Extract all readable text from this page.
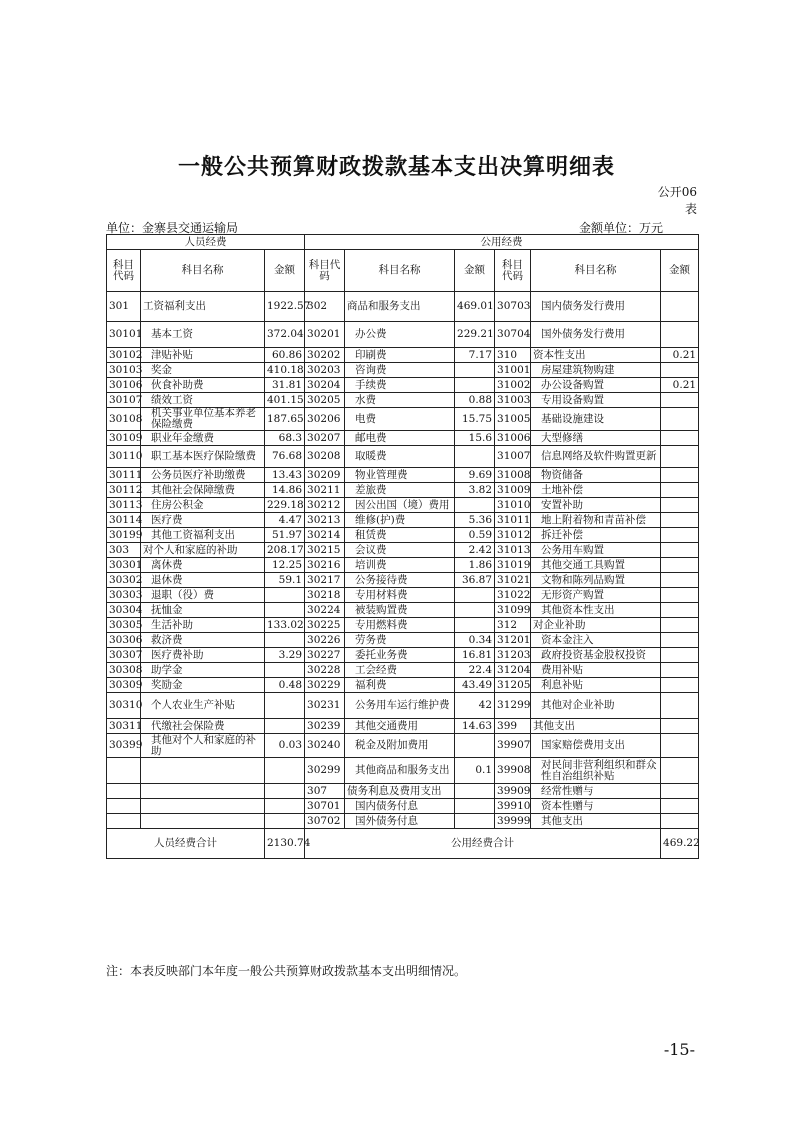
一般公共预算财政拨款基本支出决算明细表
公开06
表
单位：金寨县交通运输局	金额单位：万元
人员经费			公用经费					
科目代码	科目名称	金额	科目代码	科目名称	金额	科目代码	科目名称	金额
301	工资福利支出	1922.57	302	商品和服务支出	469.01	30703	国内债务发行费用	
30101	基本工资	372.04	30201	办公费	229.21	30704	国外债务发行费用	
30102	津贴补贴	60.86	30202	印刷费	7.17	310	资本性支出	0.21
30103	奖金	410.18	30203	咨询费		31001	房屋建筑物购建	
30106	伙食补助费	31.81	30204	手续费		31002	办公设备购置	0.21
30107	绩效工资	401.15	30205	水费	0.88	31003	专用设备购置	
30108	机关事业单位基本养老保险缴费	187.65	30206	电费	15.75	31005	基础设施建设	
30109	职业年金缴费	68.3	30207	邮电费	15.6	31006	大型修缮	
30110	职工基本医疗保险缴费	76.68	30208	取暖费		31007	信息网络及软件购置更新	
30111	公务员医疗补助缴费	13.43	30209	物业管理费	9.69	31008	物资储备	
30112	其他社会保障缴费	14.86	30211	差旅费	3.82	31009	土地补偿	
30113	住房公积金	229.18	30212	因公出国（境）费用		31010	安置补助	
30114	医疗费	4.47	30213	维修(护)费	5.36	31011	地上附着物和青苗补偿	
30199	其他工资福利支出	51.97	30214	租赁费	0.59	31012	拆迁补偿	
303	对个人和家庭的补助	208.17	30215	会议费	2.42	31013	公务用车购置	
30301	离休费	12.25	30216	培训费	1.86	31019	其他交通工具购置	
30302	退休费	59.1	30217	公务接待费	36.87	31021	文物和陈列品购置	
30303	退职（役）费		30218	专用材料费		31022	无形资产购置	
30304	抚恤金		30224	被装购置费		31099	其他资本性支出	
30305	生活补助	133.02	30225	专用燃料费		312	对企业补助	
30306	救济费		30226	劳务费	0.34	31201	资本金注入	
30307	医疗费补助	3.29	30227	委托业务费	16.81	31203	政府投资基金股权投资	
30308	助学金		30228	工会经费	22.4	31204	费用补贴	
30309	奖励金	0.48	30229	福利费	43.49	31205	利息补贴	
30310	个人农业生产补贴		30231	公务用车运行维护费	42	31299	其他对企业补助	
30311	代缴社会保险费		30239	其他交通费用	14.63	399	其他支出	
30399	其他对个人和家庭的补助	0.03	30240	税金及附加费用		39907	国家赔偿费用支出	
			30299	其他商品和服务支出	0.1	39908	对民间非营利组织和群众性自治组织补贴	
			307	债务利息及费用支出		39909	经常性赠与	
			30701	国内债务付息		39910	资本性赠与	
			30702	国外债务付息		39999	其他支出	
人员经费合计		2130.74	公用经费合计					469.22
注：本表反映部门本年度一般公共预算财政拨款基本支出明细情况。
-15-
